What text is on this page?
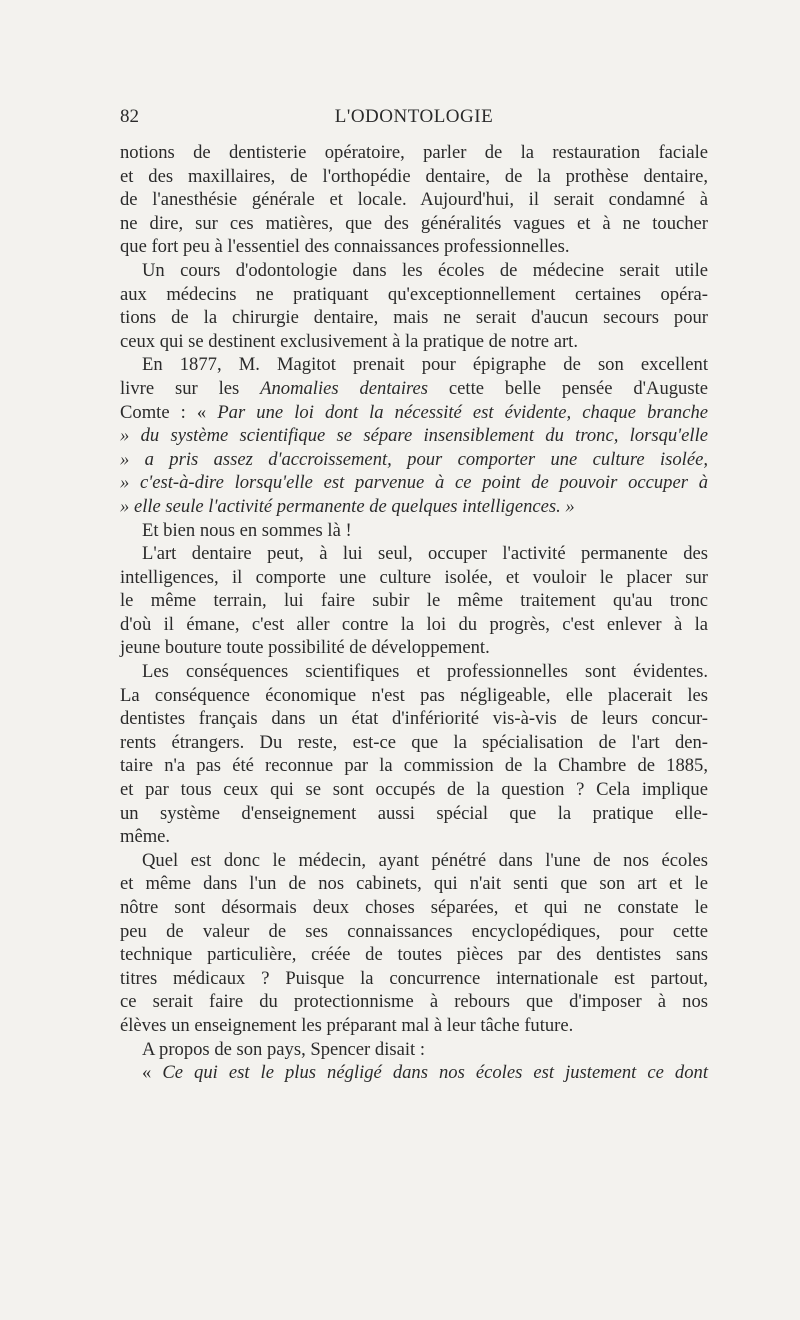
82	L'ODONTOLOGIE
notions de dentisterie opératoire, parler de la restauration faciale
et des maxillaires, de l'orthopédie dentaire, de la prothèse dentaire,
de l'anesthésie générale et locale. Aujourd'hui, il serait condamné à
ne dire, sur ces matières, que des généralités vagues et à ne toucher
que fort peu à l'essentiel des connaissances professionnelles.
Un cours d'odontologie dans les écoles de médecine serait utile
aux médecins ne pratiquant qu'exceptionnellement certaines opéra-
tions de la chirurgie dentaire, mais ne serait d'aucun secours pour
ceux qui se destinent exclusivement à la pratique de notre art.
En 1877, M. Magitot prenait pour épigraphe de son excellent
livre sur les Anomalies dentaires cette belle pensée d'Auguste
Comte : « Par une loi dont la nécessité est évidente, chaque branche
» du système scientifique se sépare insensiblement du tronc, lorsqu'elle
» a pris assez d'accroissement, pour comporter une culture isolée,
» c'est-à-dire lorsqu'elle est parvenue à ce point de pouvoir occuper à
» elle seule l'activité permanente de quelques intelligences. »
Et bien nous en sommes là !
L'art dentaire peut, à lui seul, occuper l'activité permanente des
intelligences, il comporte une culture isolée, et vouloir le placer sur
le même terrain, lui faire subir le même traitement qu'au tronc
d'où il émane, c'est aller contre la loi du progrès, c'est enlever à la
jeune bouture toute possibilité de développement.
Les conséquences scientifiques et professionnelles sont évidentes.
La conséquence économique n'est pas négligeable, elle placerait les
dentistes français dans un état d'infériorité vis-à-vis de leurs concur-
rents étrangers. Du reste, est-ce que la spécialisation de l'art den-
taire n'a pas été reconnue par la commission de la Chambre de 1885,
et par tous ceux qui se sont occupés de la question ? Cela implique
un système d'enseignement aussi spécial que la pratique elle-
même.
Quel est donc le médecin, ayant pénétré dans l'une de nos écoles
et même dans l'un de nos cabinets, qui n'ait senti que son art et le
nôtre sont désormais deux choses séparées, et qui ne constate le
peu de valeur de ses connaissances encyclopédiques, pour cette
technique particulière, créée de toutes pièces par des dentistes sans
titres médicaux ? Puisque la concurrence internationale est partout,
ce serait faire du protectionnisme à rebours que d'imposer à nos
élèves un enseignement les préparant mal à leur tâche future.
A propos de son pays, Spencer disait :
« Ce qui est le plus négligé dans nos écoles est justement ce dont
